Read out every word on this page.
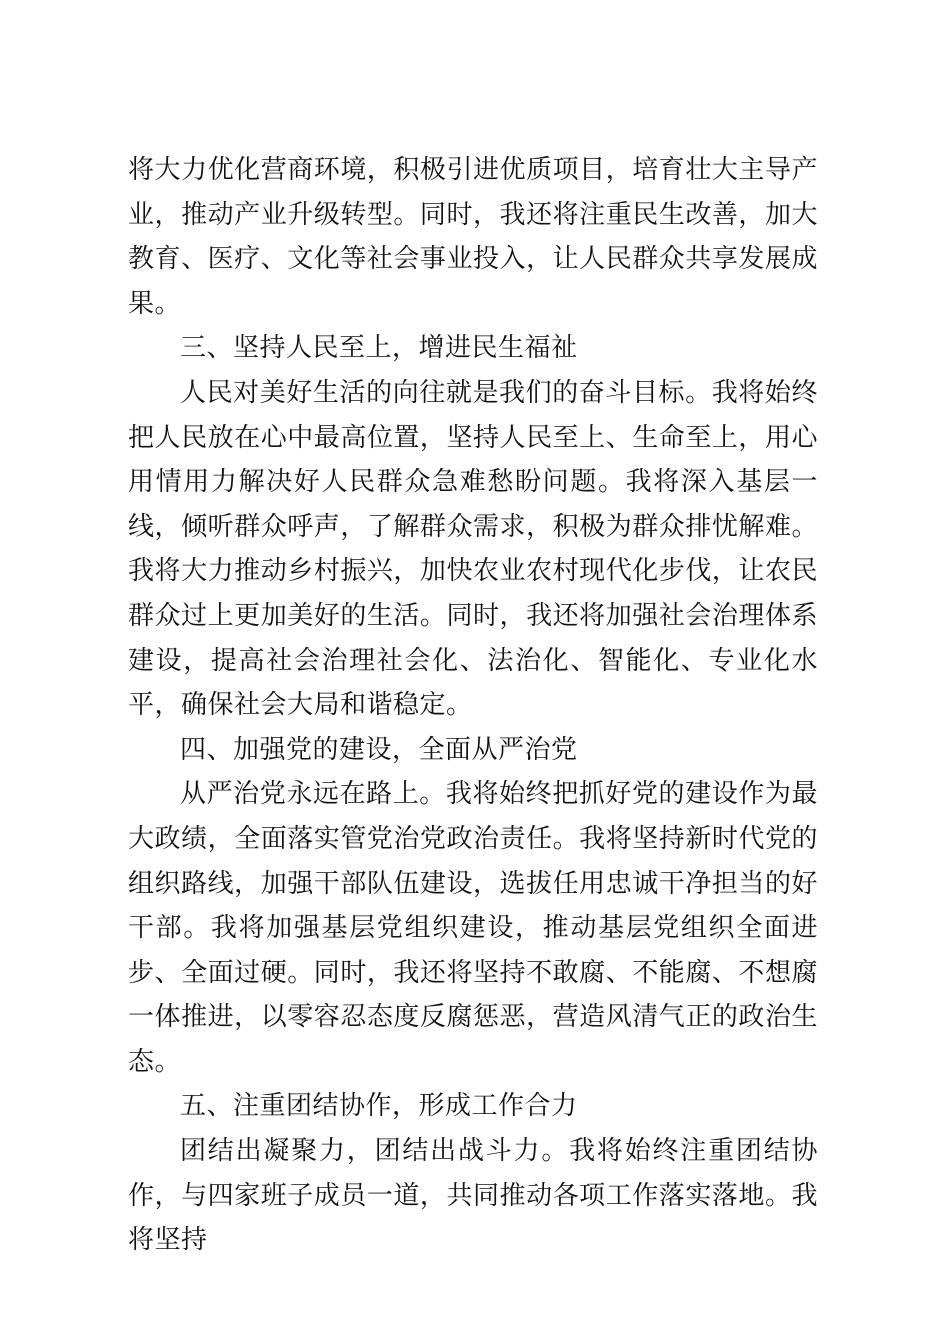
将大力优化营商环境，积极引进优质项目，培育壮大主导产业，推动产业升级转型。同时，我还将注重民生改善，加大教育、医疗、文化等社会事业投入，让人民群众共享发展成果。

三、坚持人民至上，增进民生福祉

人民对美好生活的向往就是我们的奋斗目标。我将始终把人民放在心中最高位置，坚持人民至上、生命至上，用心用情用力解决好人民群众急难愁盼问题。我将深入基层一线，倾听群众呼声，了解群众需求，积极为群众排忧解难。我将大力推动乡村振兴，加快农业农村现代化步伐，让农民群众过上更加美好的生活。同时，我还将加强社会治理体系建设，提高社会治理社会化、法治化、智能化、专业化水平，确保社会大局和谐稳定。

四、加强党的建设，全面从严治党

从严治党永远在路上。我将始终把抓好党的建设作为最大政绩，全面落实管党治党政治责任。我将坚持新时代党的组织路线，加强干部队伍建设，选拔任用忠诚干净担当的好干部。我将加强基层党组织建设，推动基层党组织全面进步、全面过硬。同时，我还将坚持不敢腐、不能腐、不想腐一体推进，以零容忍态度反腐惩恶，营造风清气正的政治生态。

五、注重团结协作，形成工作合力

团结出凝聚力，团结出战斗力。我将始终注重团结协作，与四家班子成员一道，共同推动各项工作落实落地。我将坚持
